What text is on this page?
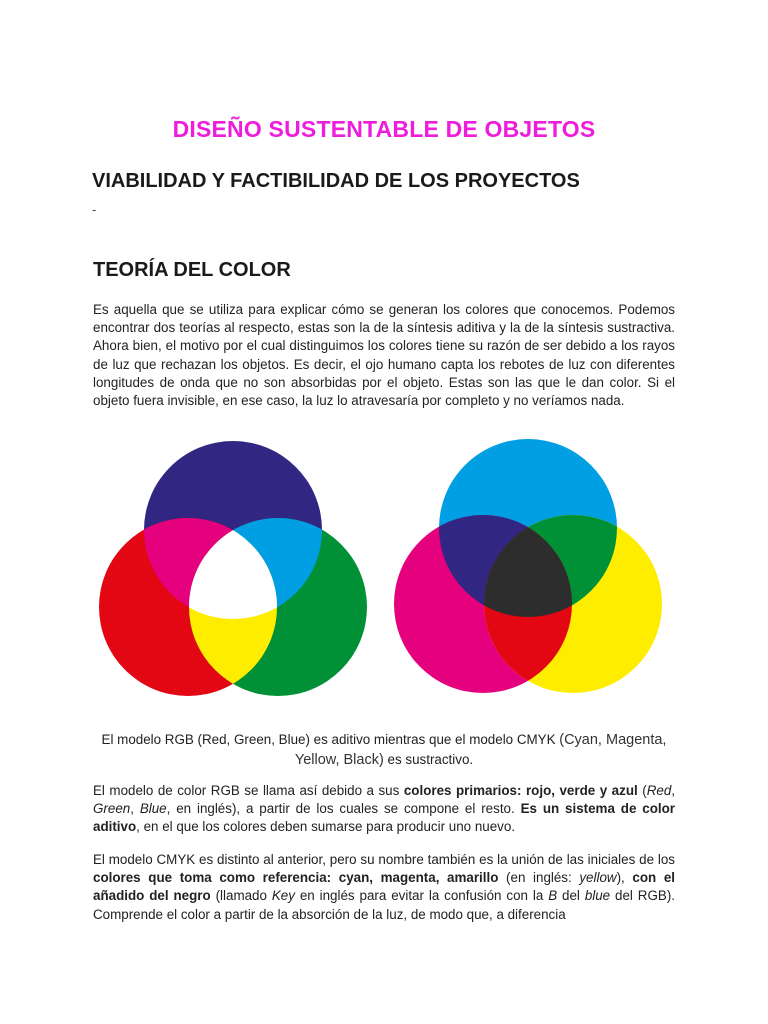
DISEÑO SUSTENTABLE DE OBJETOS
VIABILIDAD Y FACTIBILIDAD DE LOS PROYECTOS
-
TEORÍA DEL COLOR

Es aquella que se utiliza para explicar cómo se generan los colores que conocemos. Podemos encontrar dos teorías al respecto, estas son la de la síntesis aditiva y la de la síntesis sustractiva. Ahora bien, el motivo por el cual distinguimos los colores tiene su razón de ser debido a los rayos de luz que rechazan los objetos. Es decir, el ojo humano capta los rebotes de luz con diferentes longitudes de onda que no son absorbidas por el objeto. Estas son las que le dan color. Si el objeto fuera invisible, en ese caso, la luz lo atravesaría por completo y no veríamos nada.

El modelo RGB (Red, Green, Blue) es aditivo mientras que el modelo CMYK (Cyan, Magenta, Yellow, Black) es sustractivo.

El modelo de color RGB se llama así debido a sus colores primarios: rojo, verde y azul (Red, Green, Blue, en inglés), a partir de los cuales se compone el resto. Es un sistema de color aditivo, en el que los colores deben sumarse para producir uno nuevo.

El modelo CMYK es distinto al anterior, pero su nombre también es la unión de las iniciales de los colores que toma como referencia: cyan, magenta, amarillo (en inglés: yellow), con el añadido del negro (llamado Key en inglés para evitar la confusión con la B del blue del RGB). Comprende el color a partir de la absorción de la luz, de modo que, a diferencia
